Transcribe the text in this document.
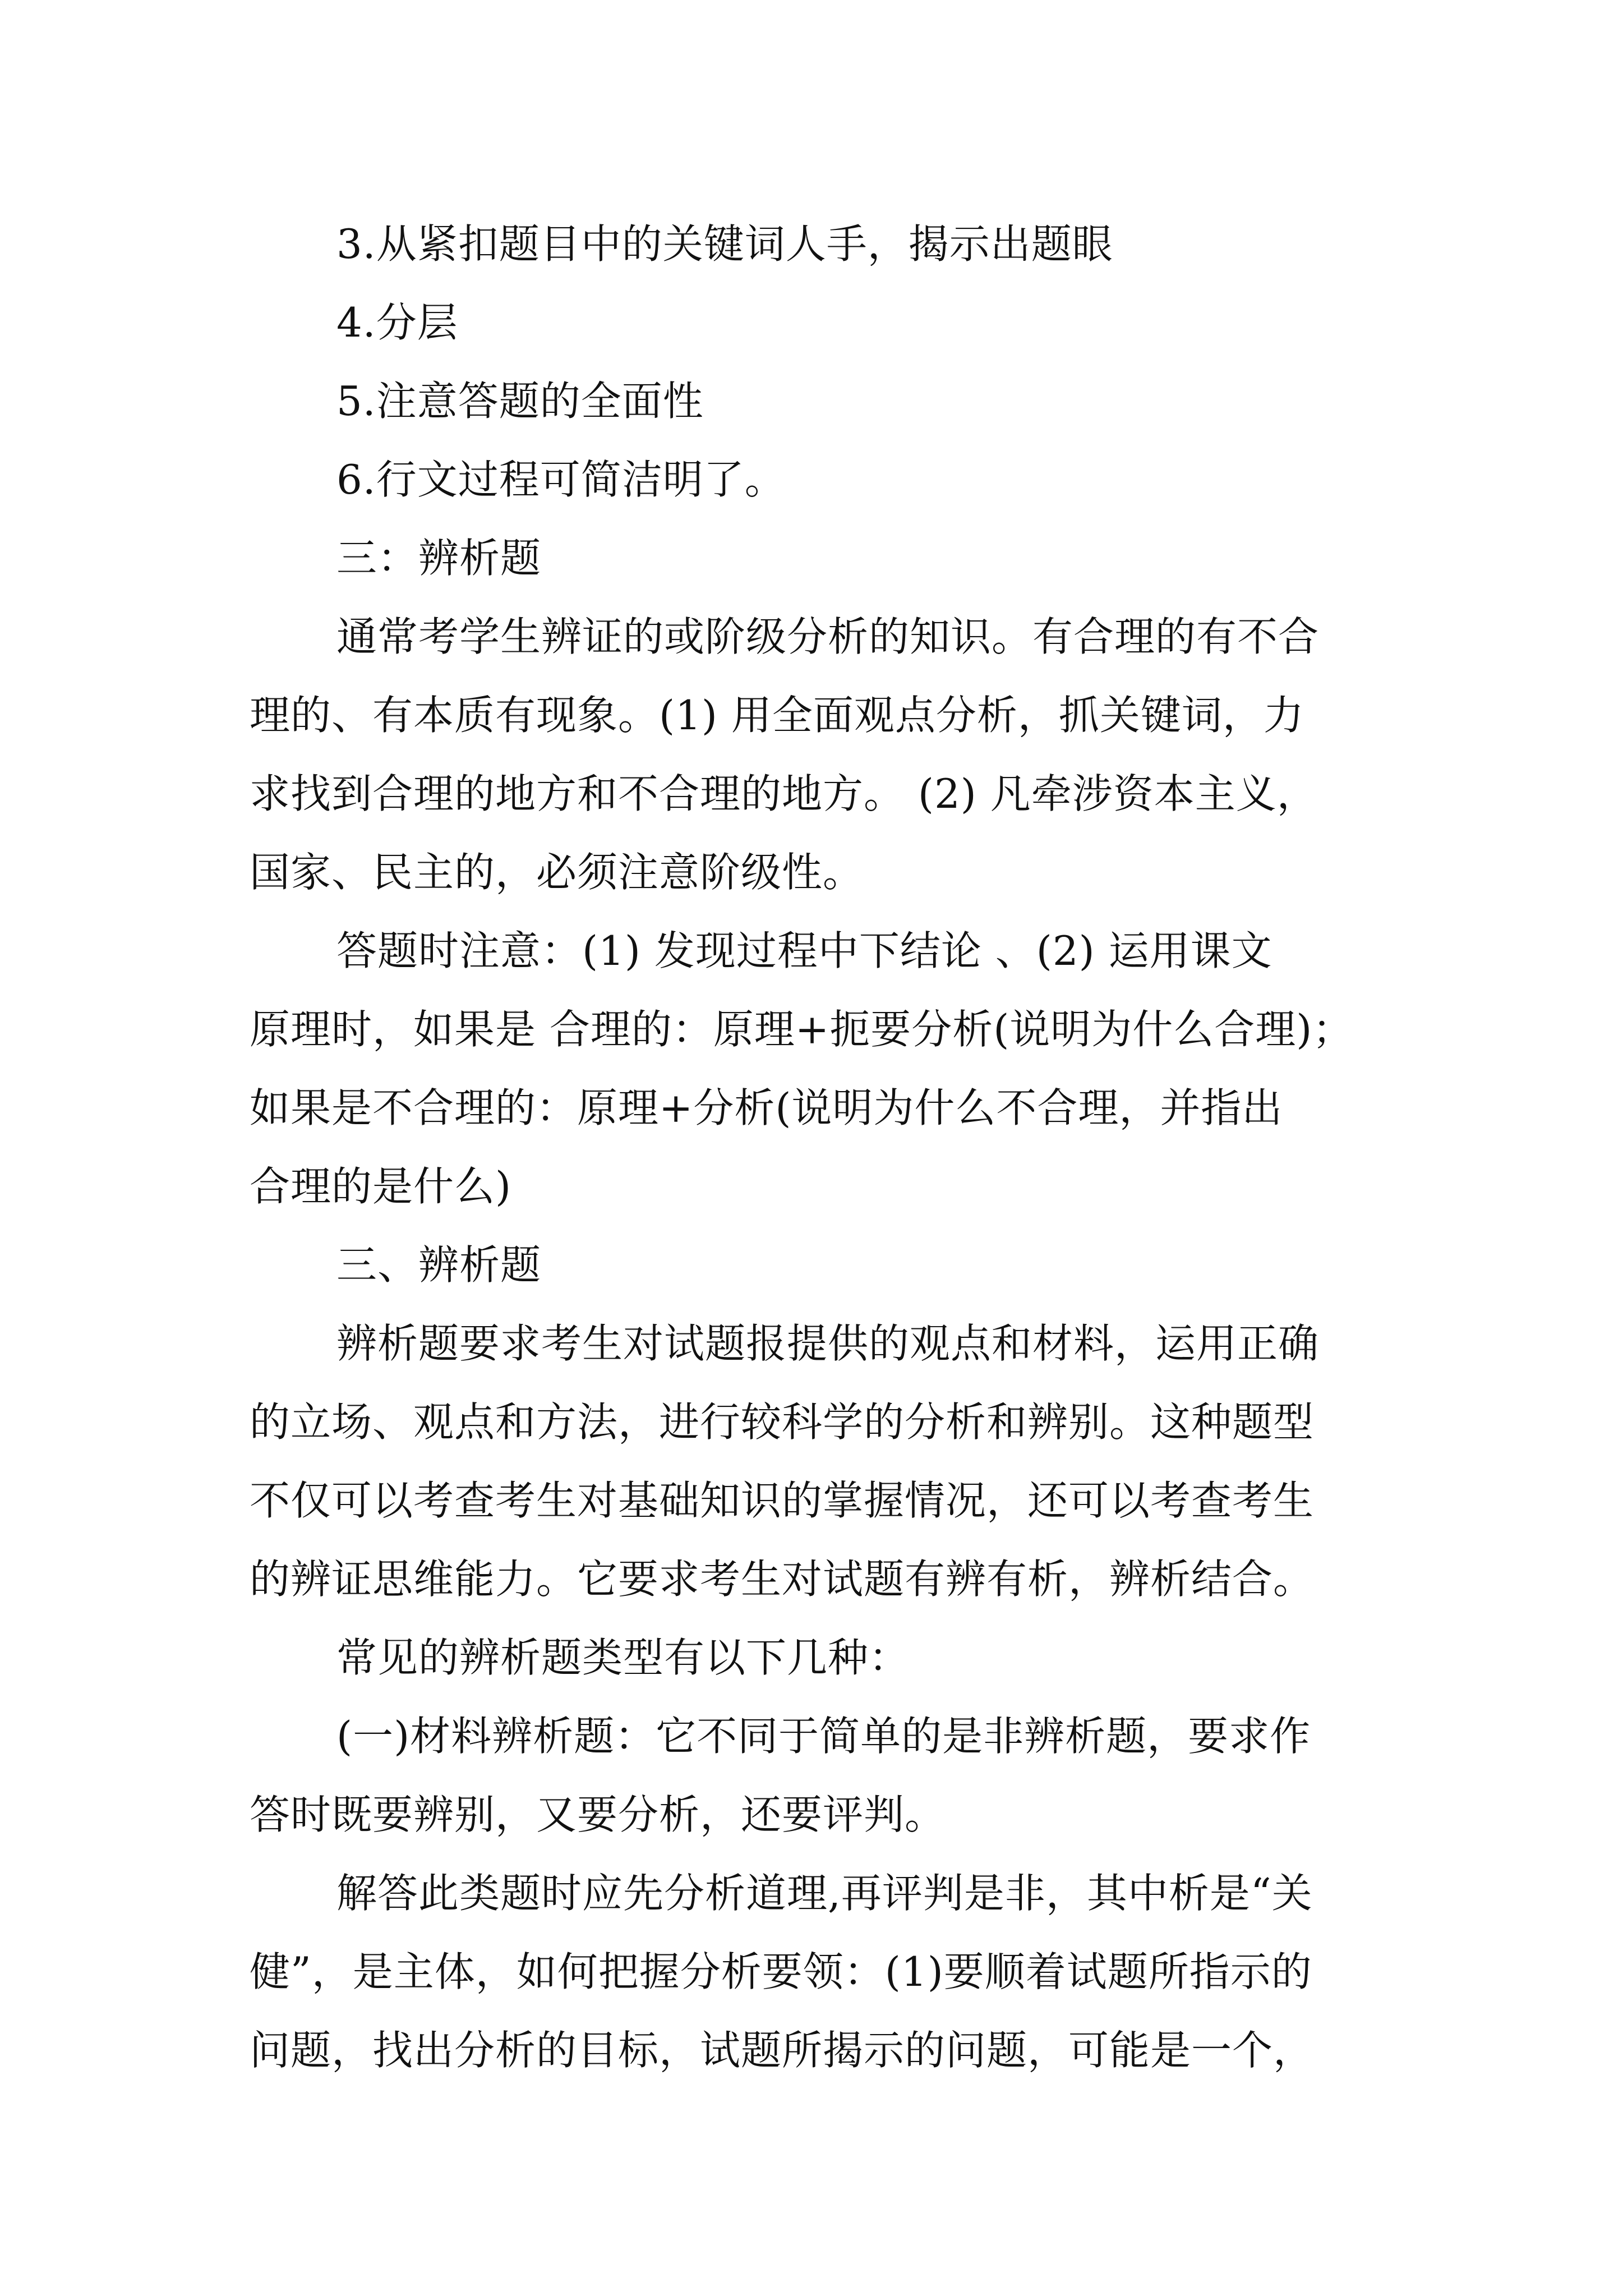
3.从紧扣题目中的关键词人手，揭示出题眼
4.分层
5.注意答题的全面性
6.行文过程可简洁明了。
三：辨析题
通常考学生辨证的或阶级分析的知识。有合理的有不合
理的、有本质有现象。(1) 用全面观点分析，抓关键词，力
求找到合理的地方和不合理的地方。 (2) 凡牵涉资本主义，
国家、民主的，必须注意阶级性。
答题时注意：(1) 发现过程中下结论 、(2) 运用课文
原理时，如果是 合理的：原理+扼要分析(说明为什么合理)；
如果是不合理的：原理+分析(说明为什么不合理，并指出
合理的是什么)
三、辨析题
辨析题要求考生对试题报提供的观点和材料，运用正确
的立场、观点和方法，进行较科学的分析和辨别。这种题型
不仅可以考查考生对基础知识的掌握情况，还可以考查考生
的辨证思维能力。它要求考生对试题有辨有析，辨析结合。
常见的辨析题类型有以下几种：
(一)材料辨析题：它不同于简单的是非辨析题，要求作
答时既要辨别，又要分析，还要评判。
解答此类题时应先分析道理,再评判是非，其中析是“关
健”，是主体，如何把握分析要领：(1)要顺着试题所指示的
问题，找出分析的目标，试题所揭示的问题，可能是一个，
